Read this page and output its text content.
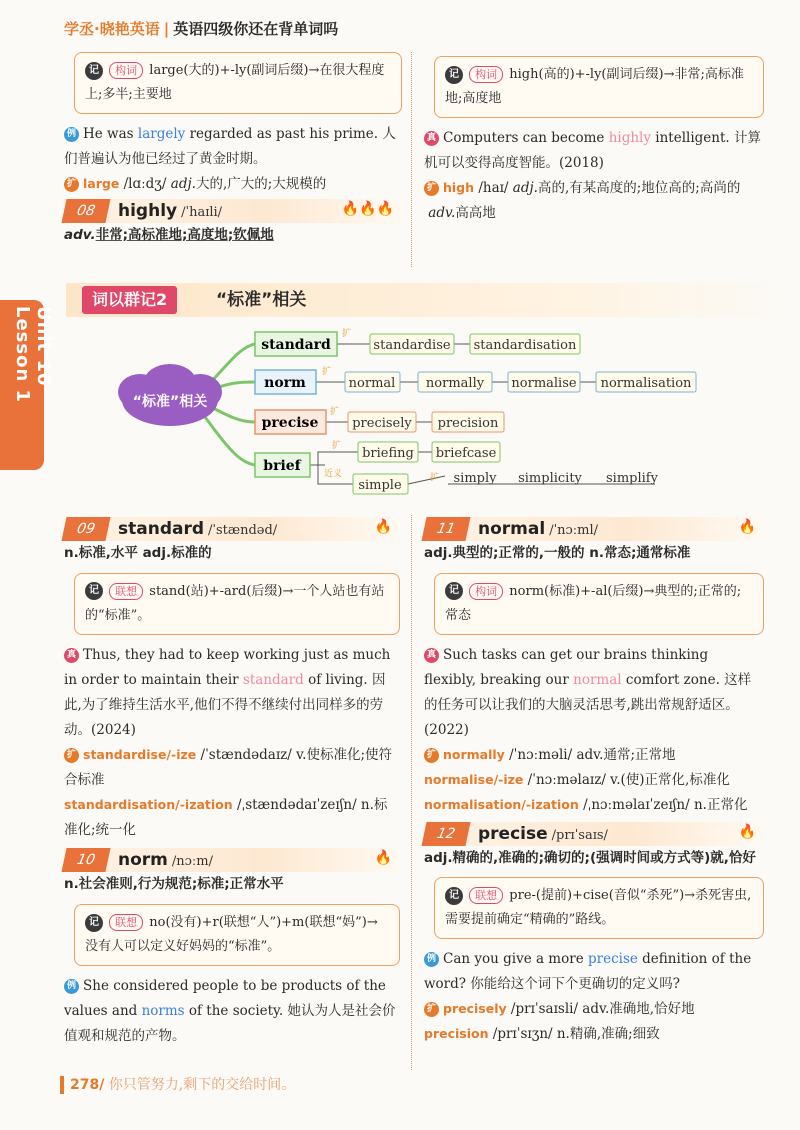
学丞·晓艳英语 | 英语四级你还在背单词吗
记 构词 large(大的)+-ly(副词后缀)→在很大程度上;多半;主要地
例 He was largely regarded as past his prime. 人们普遍认为他已经过了黄金时期。
扩 large /lɑːdʒ/ adj.大的,广大的;大规模的
08	highly /ˈhaɪli/	🔥🔥🔥
adv.非常;高标准地;高度地;钦佩地
记 构词 high(高的)+-ly(副词后缀)→非常;高标准地;高度地
真 Computers can become highly intelligent. 计算机可以变得高度智能。(2018)
扩 high /haɪ/ adj.高的,有某高度的;地位高的;高尚的  adv.高高地
Unit 10 Lesson 1
词以群记2	“标准”相关
“标准”相关
standard
norm
precise
brief
standardise standardisation
normal normally normalise normalisation
precisely precision
briefing briefcase
simple	simply simplicity simplify
扩
扩
扩
扩
扩
近义
09	standard /ˈstændəd/	🔥
n.标准,水平 adj.标准的
记 联想 stand(站)+-ard(后缀)→一个人站也有站的“标准”。
真 Thus, they had to keep working just as much in order to maintain their standard of living. 因此,为了维持生活水平,他们不得不继续付出同样多的劳动。(2024)
扩 standardise/-ize /ˈstændədaɪz/ v.使标准化;使符合标准
standardisation/-ization /ˌstændədaɪˈzeɪʃn/ n.标准化;统一化
10	norm /nɔːm/	🔥
n.社会准则,行为规范;标准;正常水平
记 联想 no(没有)+r(联想“人”)+m(联想“妈”)→没有人可以定义好妈妈的“标准”。
例 She considered people to be products of the values and norms of the society. 她认为人是社会价值观和规范的产物。
11	normal /ˈnɔːml/	🔥
adj.典型的;正常的,一般的 n.常态;通常标准
记 构词 norm(标准)+-al(后缀)→典型的;正常的;常态
真 Such tasks can get our brains thinking flexibly, breaking our normal comfort zone. 这样的任务可以让我们的大脑灵活思考,跳出常规舒适区。(2022)
扩 normally /ˈnɔːməli/ adv.通常;正常地
normalise/-ize /ˈnɔːməlaɪz/ v.(使)正常化,标准化
normalisation/-ization /ˌnɔːməlaɪˈzeɪʃn/ n.正常化
12	precise /prɪˈsaɪs/	🔥
adj.精确的,准确的;确切的;(强调时间或方式等)就,恰好
记 联想 pre-(提前)+cise(音似“杀死”)→杀死害虫,需要提前确定“精确的”路线。
例 Can you give a more precise definition of the word? 你能给这个词下个更确切的定义吗?
扩 precisely /prɪˈsaɪsli/ adv.准确地,恰好地
precision /prɪˈsɪʒn/ n.精确,准确;细致
278/ 你只管努力,剩下的交给时间。
